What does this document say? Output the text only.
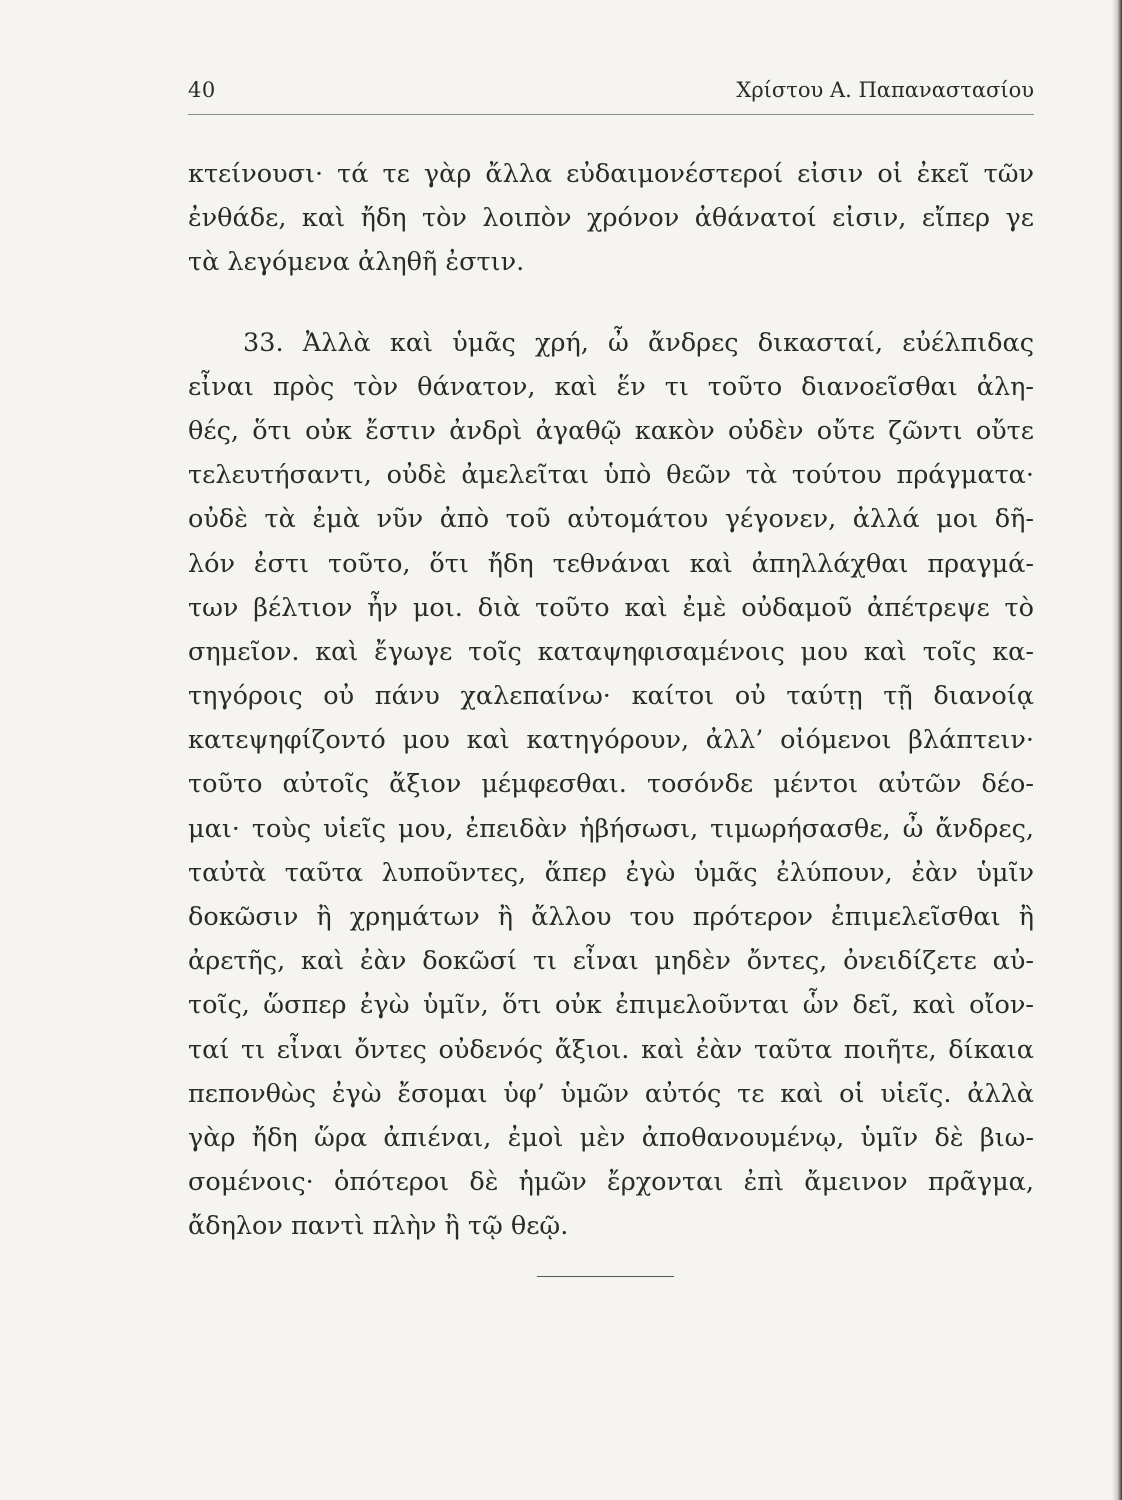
40	Χρίστου Α. Παπαναστασίου
κτείνουσι· τά τε γὰρ ἄλλα εὐδαιμονέστεροί εἰσιν οἱ ἐκεῖ τῶν
ἐνθάδε, καὶ ἤδη τὸν λοιπὸν χρόνον ἀθάνατοί εἰσιν, εἴπερ γε
τὰ λεγόμενα ἀληθῆ ἐστιν.
33. Ἀλλὰ καὶ ὑμᾶς χρή, ὦ ἄνδρες δικασταί, εὐέλπιδας
εἶναι πρὸς τὸν θάνατον, καὶ ἕν τι τοῦτο διανοεῖσθαι ἀλη-
θές, ὅτι οὐκ ἔστιν ἀνδρὶ ἀγαθῷ κακὸν οὐδὲν οὔτε ζῶντι οὔτε
τελευτήσαντι, οὐδὲ ἀμελεῖται ὑπὸ θεῶν τὰ τούτου πράγματα·
οὐδὲ τὰ ἐμὰ νῦν ἀπὸ τοῦ αὐτομάτου γέγονεν, ἀλλά μοι δῆ-
λόν ἐστι τοῦτο, ὅτι ἤδη τεθνάναι καὶ ἀπηλλάχθαι πραγμά-
των βέλτιον ἦν μοι. διὰ τοῦτο καὶ ἐμὲ οὐδαμοῦ ἀπέτρεψε τὸ
σημεῖον. καὶ ἔγωγε τοῖς καταψηφισαμένοις μου καὶ τοῖς κα-
τηγόροις οὐ πάνυ χαλεπαίνω· καίτοι οὐ ταύτῃ τῇ διανοίᾳ
κατεψηφίζοντό μου καὶ κατηγόρουν, ἀλλ’ οἰόμενοι βλάπτειν·
τοῦτο αὐτοῖς ἄξιον μέμφεσθαι. τοσόνδε μέντοι αὐτῶν δέο-
μαι· τοὺς υἱεῖς μου, ἐπειδὰν ἡβήσωσι, τιμωρήσασθε, ὦ ἄνδρες,
ταὐτὰ ταῦτα λυποῦντες, ἅπερ ἐγὼ ὑμᾶς ἐλύπουν, ἐὰν ὑμῖν
δοκῶσιν ἢ χρημάτων ἢ ἄλλου του πρότερον ἐπιμελεῖσθαι ἢ
ἀρετῆς, καὶ ἐὰν δοκῶσί τι εἶναι μηδὲν ὄντες, ὀνειδίζετε αὐ-
τοῖς, ὥσπερ ἐγὼ ὑμῖν, ὅτι οὐκ ἐπιμελοῦνται ὧν δεῖ, καὶ οἴον-
ταί τι εἶναι ὄντες οὐδενός ἄξιοι. καὶ ἐὰν ταῦτα ποιῆτε, δίκαια
πεπονθὼς ἐγὼ ἔσομαι ὑφ’ ὑμῶν αὐτός τε καὶ οἱ υἱεῖς. ἀλλὰ
γὰρ ἤδη ὥρα ἀπιέναι, ἐμοὶ μὲν ἀποθανουμένῳ, ὑμῖν δὲ βιω-
σομένοις· ὁπότεροι δὲ ἡμῶν ἔρχονται ἐπὶ ἄμεινον πρᾶγμα,
ἄδηλον παντὶ πλὴν ἢ τῷ θεῷ.
